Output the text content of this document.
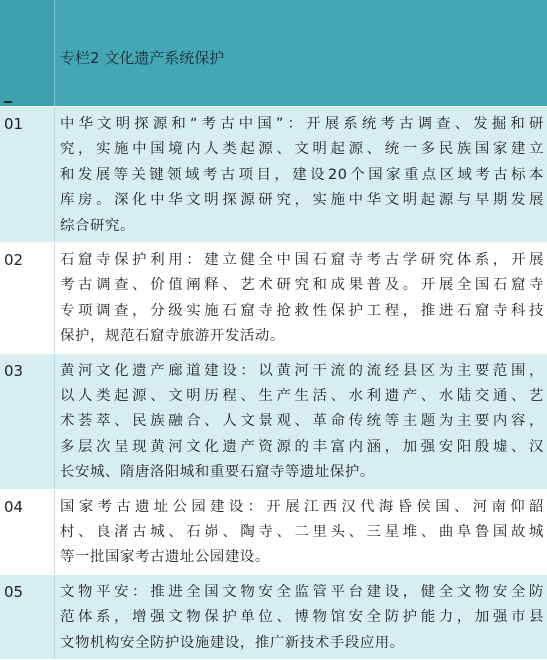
专栏2 文化遗产系统保护
01	中华文明探源和“考古中国”：开展系统考古调查、发掘和研
究，实施中国境内人类起源、文明起源、统一多民族国家建立
和发展等关键领域考古项目，建设20个国家重点区域考古标本
库房。深化中华文明探源研究，实施中华文明起源与早期发展
综合研究。
02	石窟寺保护利用：建立健全中国石窟寺考古学研究体系，开展
考古调查、价值阐释、艺术研究和成果普及。开展全国石窟寺
专项调查，分级实施石窟寺抢救性保护工程，推进石窟寺科技
保护，规范石窟寺旅游开发活动。
03	黄河文化遗产廊道建设：以黄河干流的流经县区为主要范围，
以人类起源、文明历程、生产生活、水利遗产、水陆交通、艺
术荟萃、民族融合、人文景观、革命传统等主题为主要内容，
多层次呈现黄河文化遗产资源的丰富内涵，加强安阳殷墟、汉
长安城、隋唐洛阳城和重要石窟寺等遗址保护。
04	国家考古遗址公园建设：开展江西汉代海昏侯国、河南仰韶
村、良渚古城、石峁、陶寺、二里头、三星堆、曲阜鲁国故城
等一批国家考古遗址公园建设。
05	文物平安：推进全国文物安全监管平台建设，健全文物安全防
范体系，增强文物保护单位、博物馆安全防护能力，加强市县
文物机构安全防护设施建设，推广新技术手段应用。
